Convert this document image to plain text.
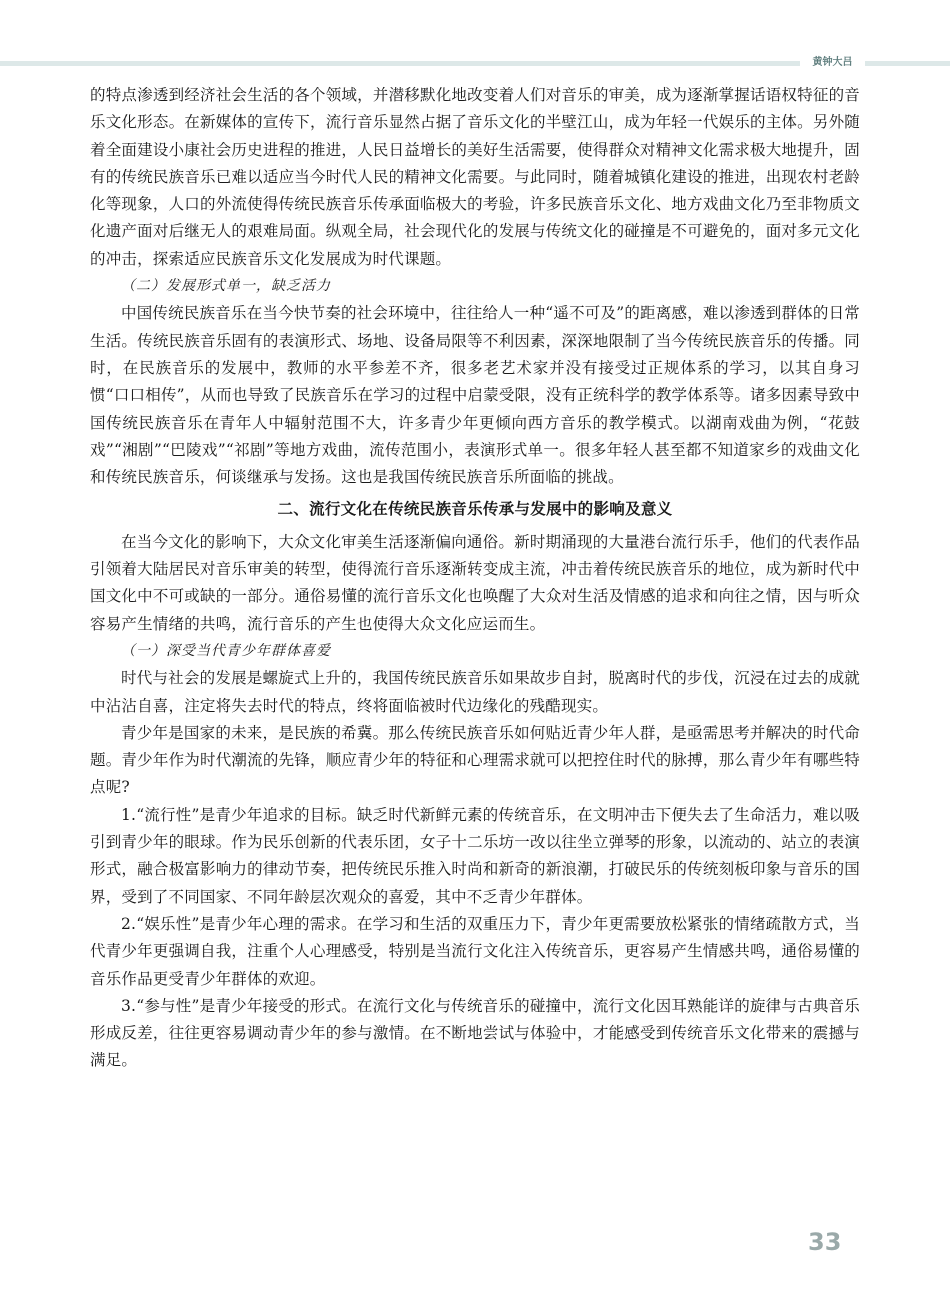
黄钟大吕

的特点渗透到经济社会生活的各个领域，并潜移默化地改变着人们对音乐的审美，成为逐渐掌握话语权特征的音乐文化形态。在新媒体的宣传下，流行音乐显然占据了音乐文化的半壁江山，成为年轻一代娱乐的主体。另外随着全面建设小康社会历史进程的推进，人民日益增长的美好生活需要，使得群众对精神文化需求极大地提升，固有的传统民族音乐已难以适应当今时代人民的精神文化需要。与此同时，随着城镇化建设的推进，出现农村老龄化等现象，人口的外流使得传统民族音乐传承面临极大的考验，许多民族音乐文化、地方戏曲文化乃至非物质文化遗产面对后继无人的艰难局面。纵观全局，社会现代化的发展与传统文化的碰撞是不可避免的，面对多元文化的冲击，探索适应民族音乐文化发展成为时代课题。

（二）发展形式单一，缺乏活力

中国传统民族音乐在当今快节奏的社会环境中，往往给人一种“遥不可及”的距离感，难以渗透到群体的日常生活。传统民族音乐固有的表演形式、场地、设备局限等不利因素，深深地限制了当今传统民族音乐的传播。同时，在民族音乐的发展中，教师的水平参差不齐，很多老艺术家并没有接受过正规体系的学习，以其自身习惯“口口相传”，从而也导致了民族音乐在学习的过程中启蒙受限，没有正统科学的教学体系等。诸多因素导致中国传统民族音乐在青年人中辐射范围不大，许多青少年更倾向西方音乐的教学模式。以湖南戏曲为例，“花鼓戏”“湘剧”“巴陵戏”“祁剧”等地方戏曲，流传范围小，表演形式单一。很多年轻人甚至都不知道家乡的戏曲文化和传统民族音乐，何谈继承与发扬。这也是我国传统民族音乐所面临的挑战。

二、流行文化在传统民族音乐传承与发展中的影响及意义

在当今文化的影响下，大众文化审美生活逐渐偏向通俗。新时期涌现的大量港台流行乐手，他们的代表作品引领着大陆居民对音乐审美的转型，使得流行音乐逐渐转变成主流，冲击着传统民族音乐的地位，成为新时代中国文化中不可或缺的一部分。通俗易懂的流行音乐文化也唤醒了大众对生活及情感的追求和向往之情，因与听众容易产生情绪的共鸣，流行音乐的产生也使得大众文化应运而生。

（一）深受当代青少年群体喜爱

时代与社会的发展是螺旋式上升的，我国传统民族音乐如果故步自封，脱离时代的步伐，沉浸在过去的成就中沾沾自喜，注定将失去时代的特点，终将面临被时代边缘化的残酷现实。

青少年是国家的未来，是民族的希冀。那么传统民族音乐如何贴近青少年人群，是亟需思考并解决的时代命题。青少年作为时代潮流的先锋，顺应青少年的特征和心理需求就可以把控住时代的脉搏，那么青少年有哪些特点呢?

1.“流行性”是青少年追求的目标。缺乏时代新鲜元素的传统音乐，在文明冲击下便失去了生命活力，难以吸引到青少年的眼球。作为民乐创新的代表乐团，女子十二乐坊一改以往坐立弹琴的形象，以流动的、站立的表演形式，融合极富影响力的律动节奏，把传统民乐推入时尚和新奇的新浪潮，打破民乐的传统刻板印象与音乐的国界，受到了不同国家、不同年龄层次观众的喜爱，其中不乏青少年群体。

2.“娱乐性”是青少年心理的需求。在学习和生活的双重压力下，青少年更需要放松紧张的情绪疏散方式，当代青少年更强调自我，注重个人心理感受，特别是当流行文化注入传统音乐，更容易产生情感共鸣，通俗易懂的音乐作品更受青少年群体的欢迎。

3.“参与性”是青少年接受的形式。在流行文化与传统音乐的碰撞中，流行文化因耳熟能详的旋律与古典音乐形成反差，往往更容易调动青少年的参与激情。在不断地尝试与体验中，才能感受到传统音乐文化带来的震撼与满足。

33
